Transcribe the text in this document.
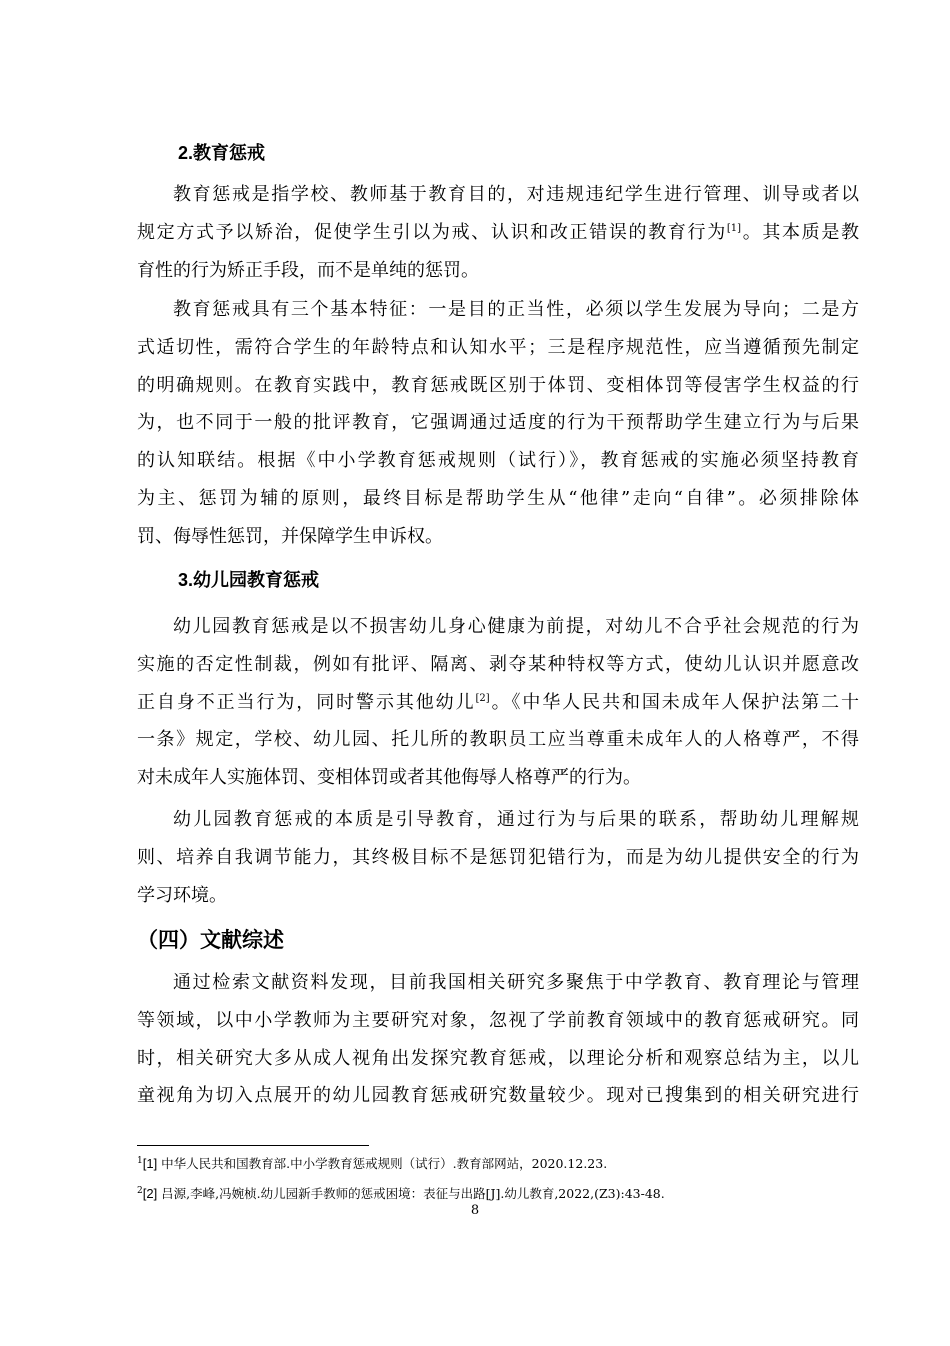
2.教育惩戒
教育惩戒是指学校、教师基于教育目的，对违规违纪学生进行管理、训导或者以
规定方式予以矫治，促使学生引以为戒、认识和改正错误的教育行为[1]。其本质是教
育性的行为矫正手段，而不是单纯的惩罚。
教育惩戒具有三个基本特征：一是目的正当性，必须以学生发展为导向；二是方
式适切性，需符合学生的年龄特点和认知水平；三是程序规范性，应当遵循预先制定
的明确规则。在教育实践中，教育惩戒既区别于体罚、变相体罚等侵害学生权益的行
为，也不同于一般的批评教育，它强调通过适度的行为干预帮助学生建立行为与后果
的认知联结。根据《中小学教育惩戒规则（试行）》，教育惩戒的实施必须坚持教育
为主、惩罚为辅的原则，最终目标是帮助学生从“他律”走向“自律”。必须排除体
罚、侮辱性惩罚，并保障学生申诉权。
3.幼儿园教育惩戒
幼儿园教育惩戒是以不损害幼儿身心健康为前提，对幼儿不合乎社会规范的行为
实施的否定性制裁，例如有批评、隔离、剥夺某种特权等方式，使幼儿认识并愿意改
正自身不正当行为，同时警示其他幼儿[2]。《中华人民共和国未成年人保护法第二十
一条》规定，学校、幼儿园、托儿所的教职员工应当尊重未成年人的人格尊严，不得
对未成年人实施体罚、变相体罚或者其他侮辱人格尊严的行为。
幼儿园教育惩戒的本质是引导教育，通过行为与后果的联系，帮助幼儿理解规
则、培养自我调节能力，其终极目标不是惩罚犯错行为，而是为幼儿提供安全的行为
学习环境。
（四）文献综述
通过检索文献资料发现，目前我国相关研究多聚焦于中学教育、教育理论与管理
等领域，以中小学教师为主要研究对象，忽视了学前教育领域中的教育惩戒研究。同
时，相关研究大多从成人视角出发探究教育惩戒，以理论分析和观察总结为主，以儿
童视角为切入点展开的幼儿园教育惩戒研究数量较少。现对已搜集到的相关研究进行
$^1$[1] 中华人民共和国教育部.中小学教育惩戒规则（试行）.教育部网站，2020.12.23.
$^2$[2] 吕源,李峰,冯婉桢.幼儿园新手教师的惩戒困境：表征与出路[J].幼儿教育,2022,(Z3):43-48.
8
